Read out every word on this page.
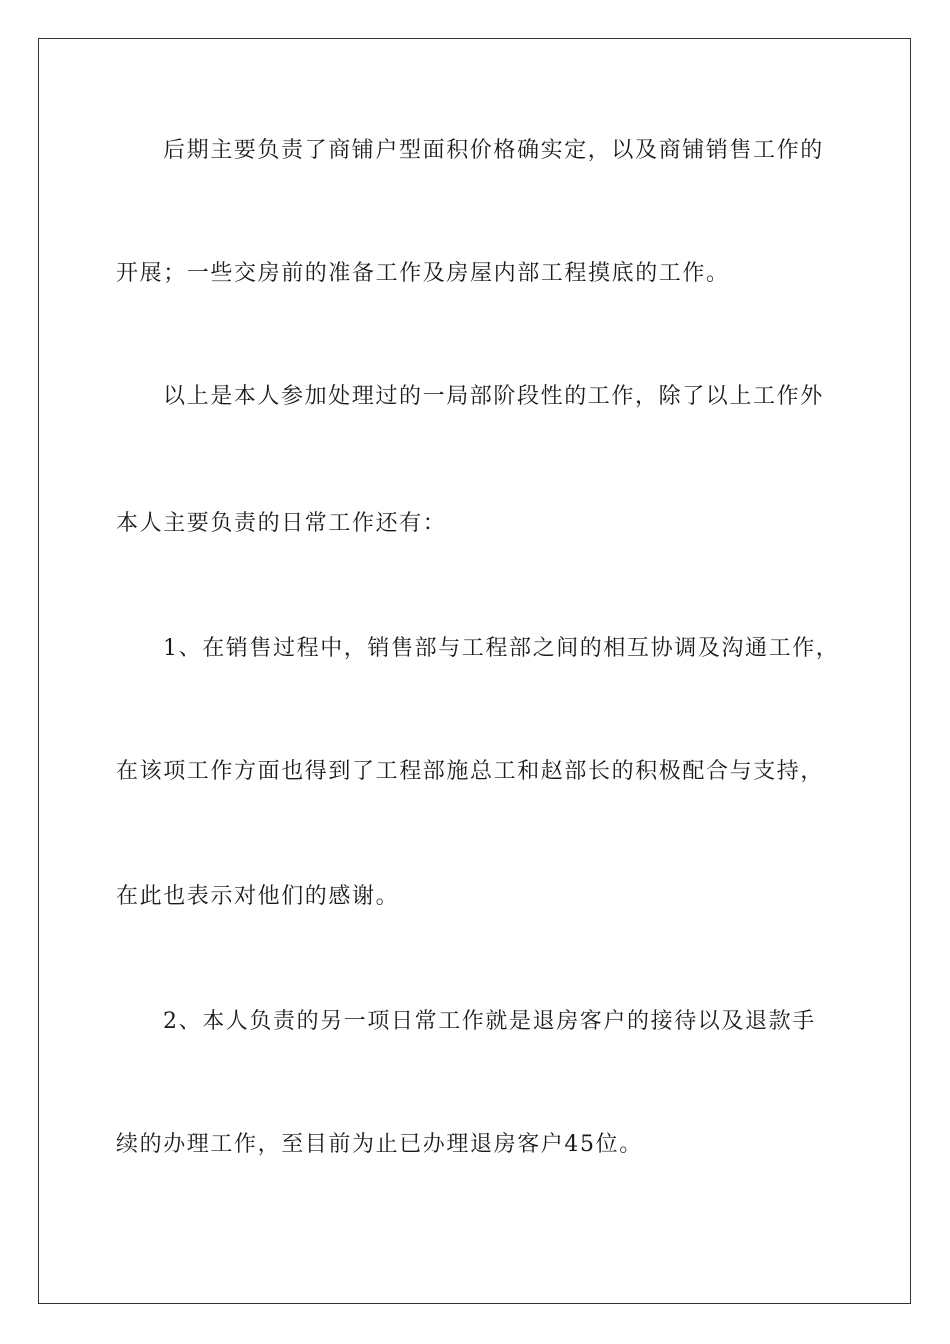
后期主要负责了商铺户型面积价格确实定，以及商铺销售工作的
开展；一些交房前的准备工作及房屋内部工程摸底的工作。
以上是本人参加处理过的一局部阶段性的工作，除了以上工作外
本人主要负责的日常工作还有：
1、在销售过程中，销售部与工程部之间的相互协调及沟通工作，
在该项工作方面也得到了工程部施总工和赵部长的积极配合与支持，
在此也表示对他们的感谢。
2、本人负责的另一项日常工作就是退房客户的接待以及退款手
续的办理工作，至目前为止已办理退房客户45位。
